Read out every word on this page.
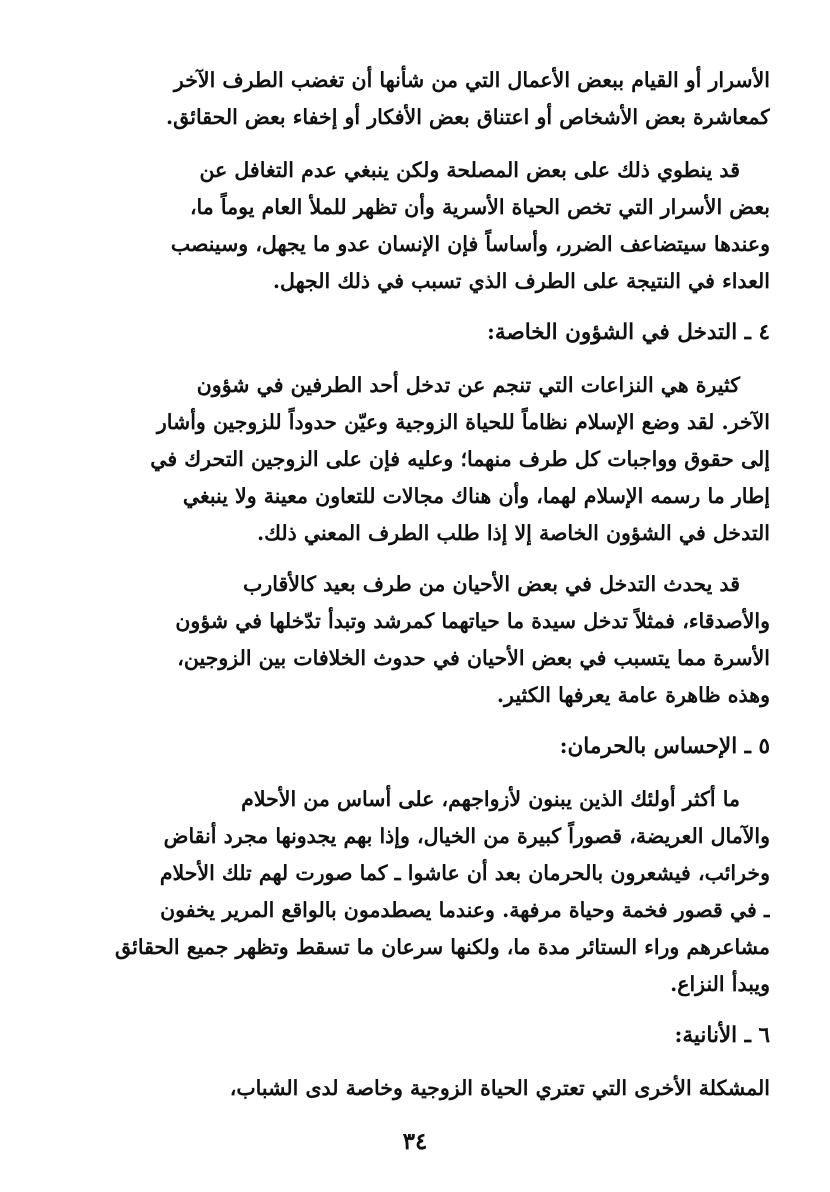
الأسرار أو القيام ببعض الأعمال التي من شأنها أن تغضب الطرف الآخر
كمعاشرة بعض الأشخاص أو اعتناق بعض الأفكار أو إخفاء بعض الحقائق.

قد ينطوي ذلك على بعض المصلحة ولكن ينبغي عدم التغافل عن
بعض الأسرار التي تخص الحياة الأسرية وأن تظهر للملأ العام يوماً ما،
وعندها سيتضاعف الضرر، وأساساً فإن الإنسان عدو ما يجهل، وسينصب
العداء في النتيجة على الطرف الذي تسبب في ذلك الجهل.

٤ ـ التدخل في الشؤون الخاصة:

كثيرة هي النزاعات التي تنجم عن تدخل أحد الطرفين في شؤون
الآخر. لقد وضع الإسلام نظاماً للحياة الزوجية وعيّن حدوداً للزوجين وأشار
إلى حقوق وواجبات كل طرف منهما؛ وعليه فإن على الزوجين التحرك في
إطار ما رسمه الإسلام لهما، وأن هناك مجالات للتعاون معينة ولا ينبغي
التدخل في الشؤون الخاصة إلا إذا طلب الطرف المعني ذلك.

قد يحدث التدخل في بعض الأحيان من طرف بعيد كالأقارب
والأصدقاء، فمثلاً تدخل سيدة ما حياتهما كمرشد وتبدأ تدّخلها في شؤون
الأسرة مما يتسبب في بعض الأحيان في حدوث الخلافات بين الزوجين،
وهذه ظاهرة عامة يعرفها الكثير.

٥ ـ الإحساس بالحرمان:

ما أكثر أولئك الذين يبنون لأزواجهم، على أساس من الأحلام
والآمال العريضة، قصوراً كبيرة من الخيال، وإذا بهم يجدونها مجرد أنقاض
وخرائب، فيشعرون بالحرمان بعد أن عاشوا ـ كما صورت لهم تلك الأحلام
ـ في قصور فخمة وحياة مرفهة. وعندما يصطدمون بالواقع المرير يخفون
مشاعرهم وراء الستائر مدة ما، ولكنها سرعان ما تسقط وتظهر جميع الحقائق
ويبدأ النزاع.

٦ ـ الأنانية:

المشكلة الأخرى التي تعتري الحياة الزوجية وخاصة لدى الشباب،

٣٤
